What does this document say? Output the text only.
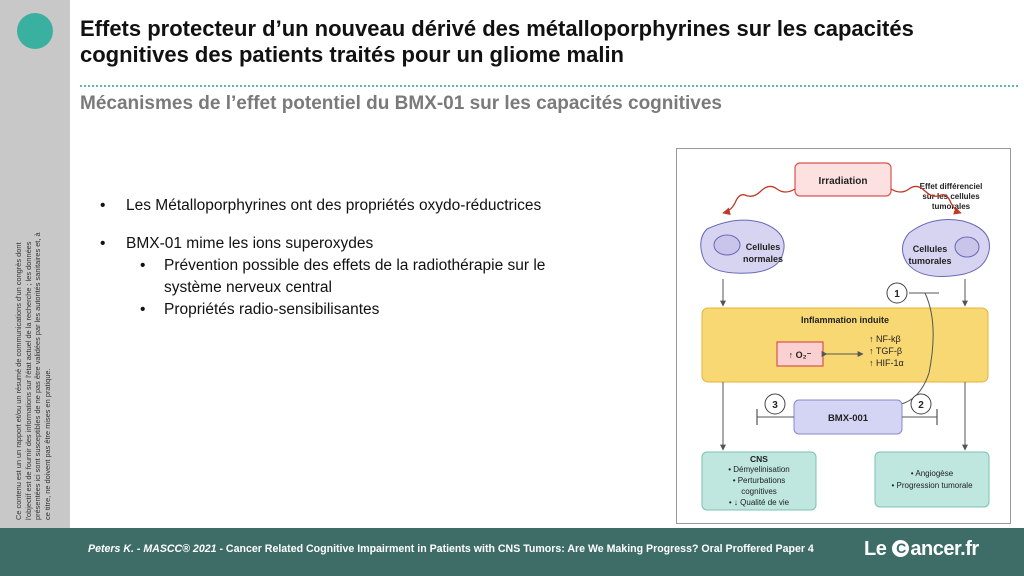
Ce contenu est un un rapport et/ou un résumé de communications d'un congrès dont l'objectif est de fournir des informations sur l'état actuel de la recherche ; les données présentées ici sont susceptibles de ne pas être validées par les autorités sanitaires et, à ce titre, ne doivent pas être mises en pratique.
Effets protecteur d’un nouveau dérivé des métalloporphyrines sur les capacités cognitives des patients traités pour un gliome malin
Mécanismes de l’effet potentiel du BMX-01 sur les capacités cognitives
• Les Métalloporphyrines ont des propriétés oxydo-réductrices
• BMX-01 mime les ions superoxydes
• Prévention possible des effets de la radiothérapie sur le système nerveux central
• Propriétés radio-sensibilisantes
Irradiation	Effet différenciel
sur les cellules
tumorales
Cellules
normales
Cellules
tumorales
1
Inflammation induite
↑ O₂⁻
↑ NF-kβ
↑ TGF-β
↑ HIF-1α
BMX-001
3	2
CNS
• Démyelinisation
• Perturbations
cognitives
• ↓ Qualité de vie
• Angiogèse
• Progression tumorale
Peters K. - MASCC® 2021 - Cancer Related Cognitive Impairment in Patients with CNS Tumors: Are We Making Progress? Oral Proffered Paper 4	Le C ancer.fr
